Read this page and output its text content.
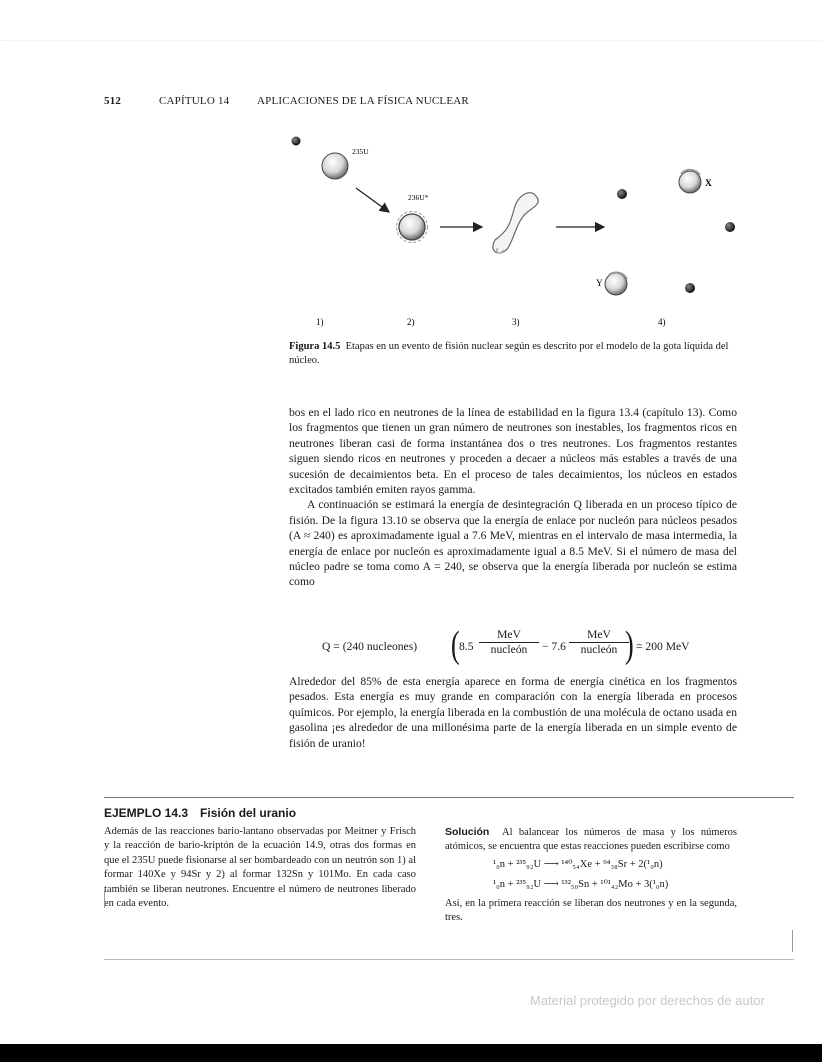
512	CAPÍTULO 14	APLICACIONES DE LA FÍSICA NUCLEAR
235U
236U*
X
Y
1)	2)	3)	4)
Figura 14.5 Etapas en un evento de fisión nuclear según es descrito por el modelo de la gota líquida del núcleo.

bos en el lado rico en neutrones de la línea de estabilidad en la figura 13.4 (capítulo 13). Como los fragmentos que tienen un gran número de neutrones son inestables, los fragmentos ricos en neutrones liberan casi de forma instantánea dos o tres neutrones. Los fragmentos restantes siguen siendo ricos en neutrones y proceden a decaer a núcleos más estables a través de una sucesión de decaimientos beta. En el proceso de tales decaimientos, los núcleos en estados excitados también emiten rayos gamma.

A continuación se estimará la energía de desintegración Q liberada en un proceso típico de fisión. De la figura 13.10 se observa que la energía de enlace por nucleón para núcleos pesados (A ≈ 240) es aproximadamente igual a 7.6 MeV, mientras en el intervalo de masa intermedia, la energía de enlace por nucleón es aproximadamente igual a 8.5 MeV. Si el número de masa del núcleo padre se toma como A = 240, se observa que la energía liberada por nucleón se estima como

Q = (240 nucleones) ( 8.5
MeV
nucleón	− 7.6
MeV
nucleón ) = 200 MeV

Alrededor del 85% de esta energía aparece en forma de energía cinética en los fragmentos pesados. Esta energía es muy grande en comparación con la energía liberada en procesos químicos. Por ejemplo, la energía liberada en la combustión de una molécula de octano usada en gasolina ¡es alrededor de una millonésima parte de la energía liberada en un simple evento de fisión de uranio!

EJEMPLO 14.3 Fisión del uranio
Además de las reacciones bario-lantano observadas por Meitner y Frisch y la reacción de bario-kriptón de la ecuación 14.9, otras dos formas en que el 235U puede fisionarse al ser bombardeado con un neutrón son 1) al formar 140Xe y 94Sr y 2) al formar 132Sn y 101Mo. En cada caso también se liberan neutrones. Encuentre el número de neutrones liberado en cada evento.

Solución Al balancear los números de masa y los números atómicos, se encuentra que estas reacciones pueden escribirse como

¹₀n + ²³⁵₉₂U ⟶ ¹⁴⁰₅₄Xe + ⁹⁴₃₈Sr + 2(¹₀n)

¹₀n + ²³⁵₉₂U ⟶ ¹³²₅₀Sn + ¹⁰¹₄₂Mo + 3(¹₀n)

Así, en la primera reacción se liberan dos neutrones y en la segunda, tres.

Material protegido por derechos de autor
